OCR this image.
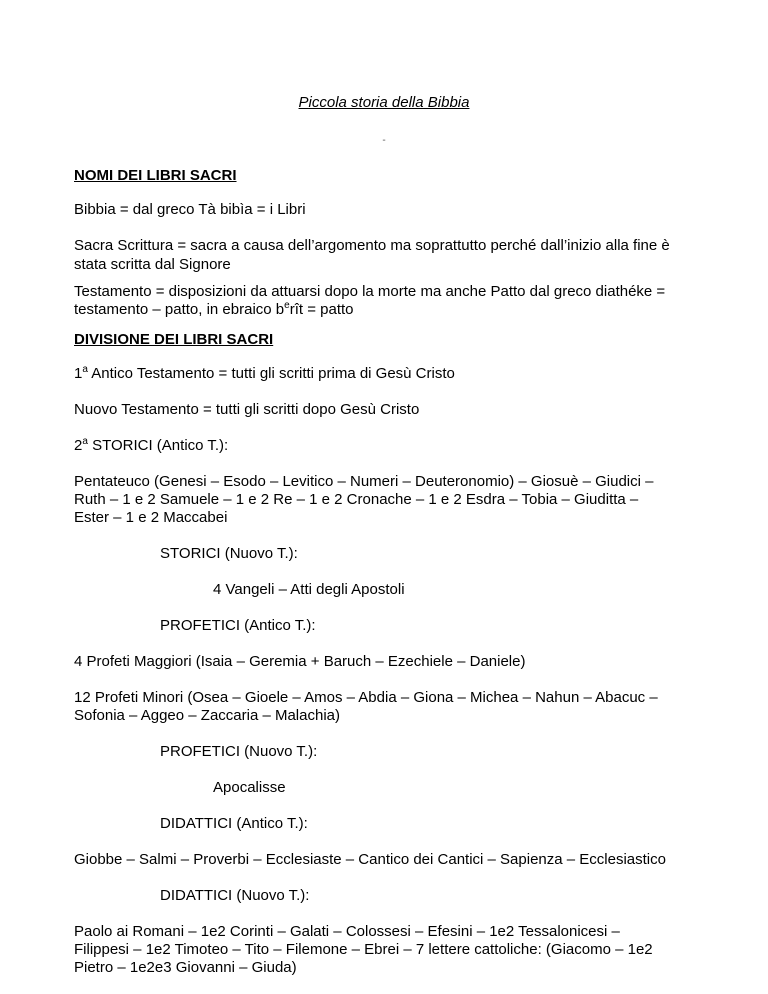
Piccola storia della Bibbia
-
NOMI DEI LIBRI SACRI
Bibbia = dal greco Tà bibìa = i Libri
Sacra Scrittura = sacra a causa dell’argomento ma soprattutto perché dall’inizio alla fine è
stata scritta dal Signore
Testamento = disposizioni da attuarsi dopo la morte ma anche Patto dal greco diathéke =
testamento – patto, in ebraico $b^erît$ = patto
DIVISIONE DEI LIBRI SACRI
1$^a$ Antico Testamento = tutti gli scritti prima di Gesù Cristo
Nuovo Testamento = tutti gli scritti dopo Gesù Cristo
2$^a$ STORICI (Antico T.):
Pentateuco (Genesi – Esodo – Levitico – Numeri – Deuteronomio) – Giosuè – Giudici –
Ruth – 1 e 2 Samuele – 1 e 2 Re – 1 e 2 Cronache – 1 e 2 Esdra – Tobia – Giuditta –
Ester – 1 e 2 Maccabei
STORICI (Nuovo T.):
4 Vangeli – Atti degli Apostoli
PROFETICI (Antico T.):
4 Profeti Maggiori (Isaia – Geremia + Baruch – Ezechiele – Daniele)
12 Profeti Minori (Osea – Gioele – Amos – Abdia – Giona – Michea – Nahun – Abacuc –
Sofonia – Aggeo – Zaccaria – Malachia)
PROFETICI (Nuovo T.):
Apocalisse
DIDATTICI (Antico T.):
Giobbe – Salmi – Proverbi – Ecclesiaste – Cantico dei Cantici – Sapienza – Ecclesiastico
DIDATTICI (Nuovo T.):
Paolo ai Romani – 1e2 Corinti – Galati – Colossesi – Efesini – 1e2 Tessalonicesi –
Filippesi – 1e2 Timoteo – Tito – Filemone – Ebrei – 7 lettere cattoliche: (Giacomo – 1e2
Pietro – 1e2e3 Giovanni – Giuda)
